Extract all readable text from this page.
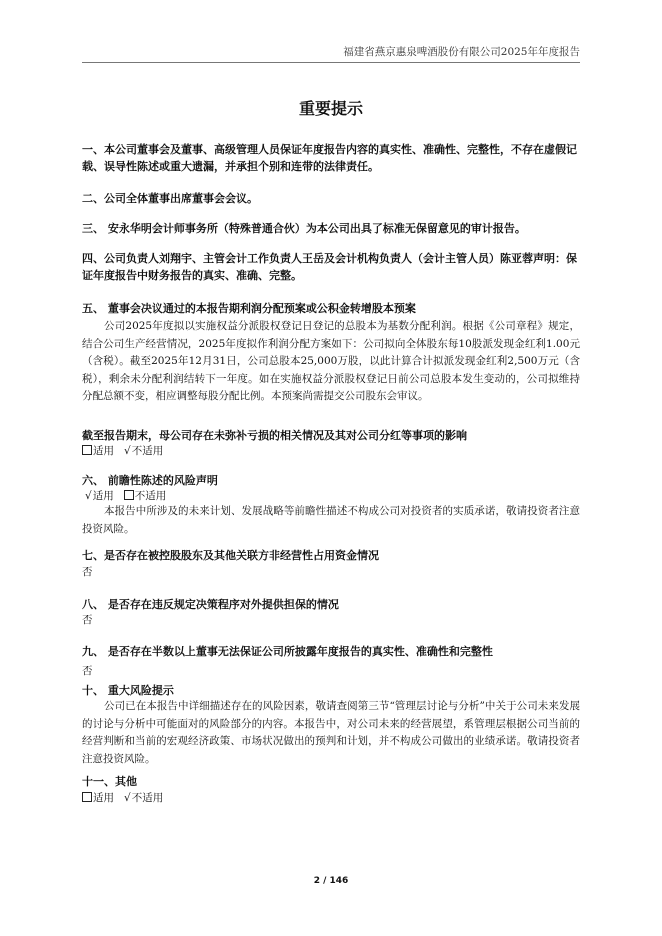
福建省燕京惠泉啤酒股份有限公司2025年年度报告
重要提示
一、本公司董事会及董事、高级管理人员保证年度报告内容的真实性、准确性、完整性，不存在虚假记载、误导性陈述或重大遗漏，并承担个别和连带的法律责任。
二、公司全体董事出席董事会会议。
三、 安永华明会计师事务所（特殊普通合伙）为本公司出具了标准无保留意见的审计报告。
四、公司负责人刘翔宇、主管会计工作负责人王岳及会计机构负责人（会计主管人员）陈亚蓉声明：保证年度报告中财务报告的真实、准确、完整。
五、 董事会决议通过的本报告期利润分配预案或公积金转增股本预案
公司2025年度拟以实施权益分派股权登记日登记的总股本为基数分配利润。根据《公司章程》规定，结合公司生产经营情况，2025年度拟作利润分配方案如下：公司拟向全体股东每10股派发现金红利1.00元（含税）。截至2025年12月31日，公司总股本25,000万股，以此计算合计拟派发现金红利2,500万元（含税），剩余未分配利润结转下一年度。如在实施权益分派股权登记日前公司总股本发生变动的，公司拟维持分配总额不变，相应调整每股分配比例。本预案尚需提交公司股东会审议。
截至报告期末，母公司存在未弥补亏损的相关情况及其对公司分红等事项的影响
适用 √不适用
六、 前瞻性陈述的风险声明
√适用 不适用
本报告中所涉及的未来计划、发展战略等前瞻性描述不构成公司对投资者的实质承诺，敬请投资者注意投资风险。
七、是否存在被控股股东及其他关联方非经营性占用资金情况
否
八、 是否存在违反规定决策程序对外提供担保的情况
否
九、 是否存在半数以上董事无法保证公司所披露年度报告的真实性、准确性和完整性
否
十、 重大风险提示
公司已在本报告中详细描述存在的风险因素，敬请查阅第三节“管理层讨论与分析”中关于公司未来发展的讨论与分析中可能面对的风险部分的内容。本报告中，对公司未来的经营展望，系管理层根据公司当前的经营判断和当前的宏观经济政策、市场状况做出的预判和计划，并不构成公司做出的业绩承诺。敬请投资者注意投资风险。
十一、其他
适用 √不适用
2 / 146
